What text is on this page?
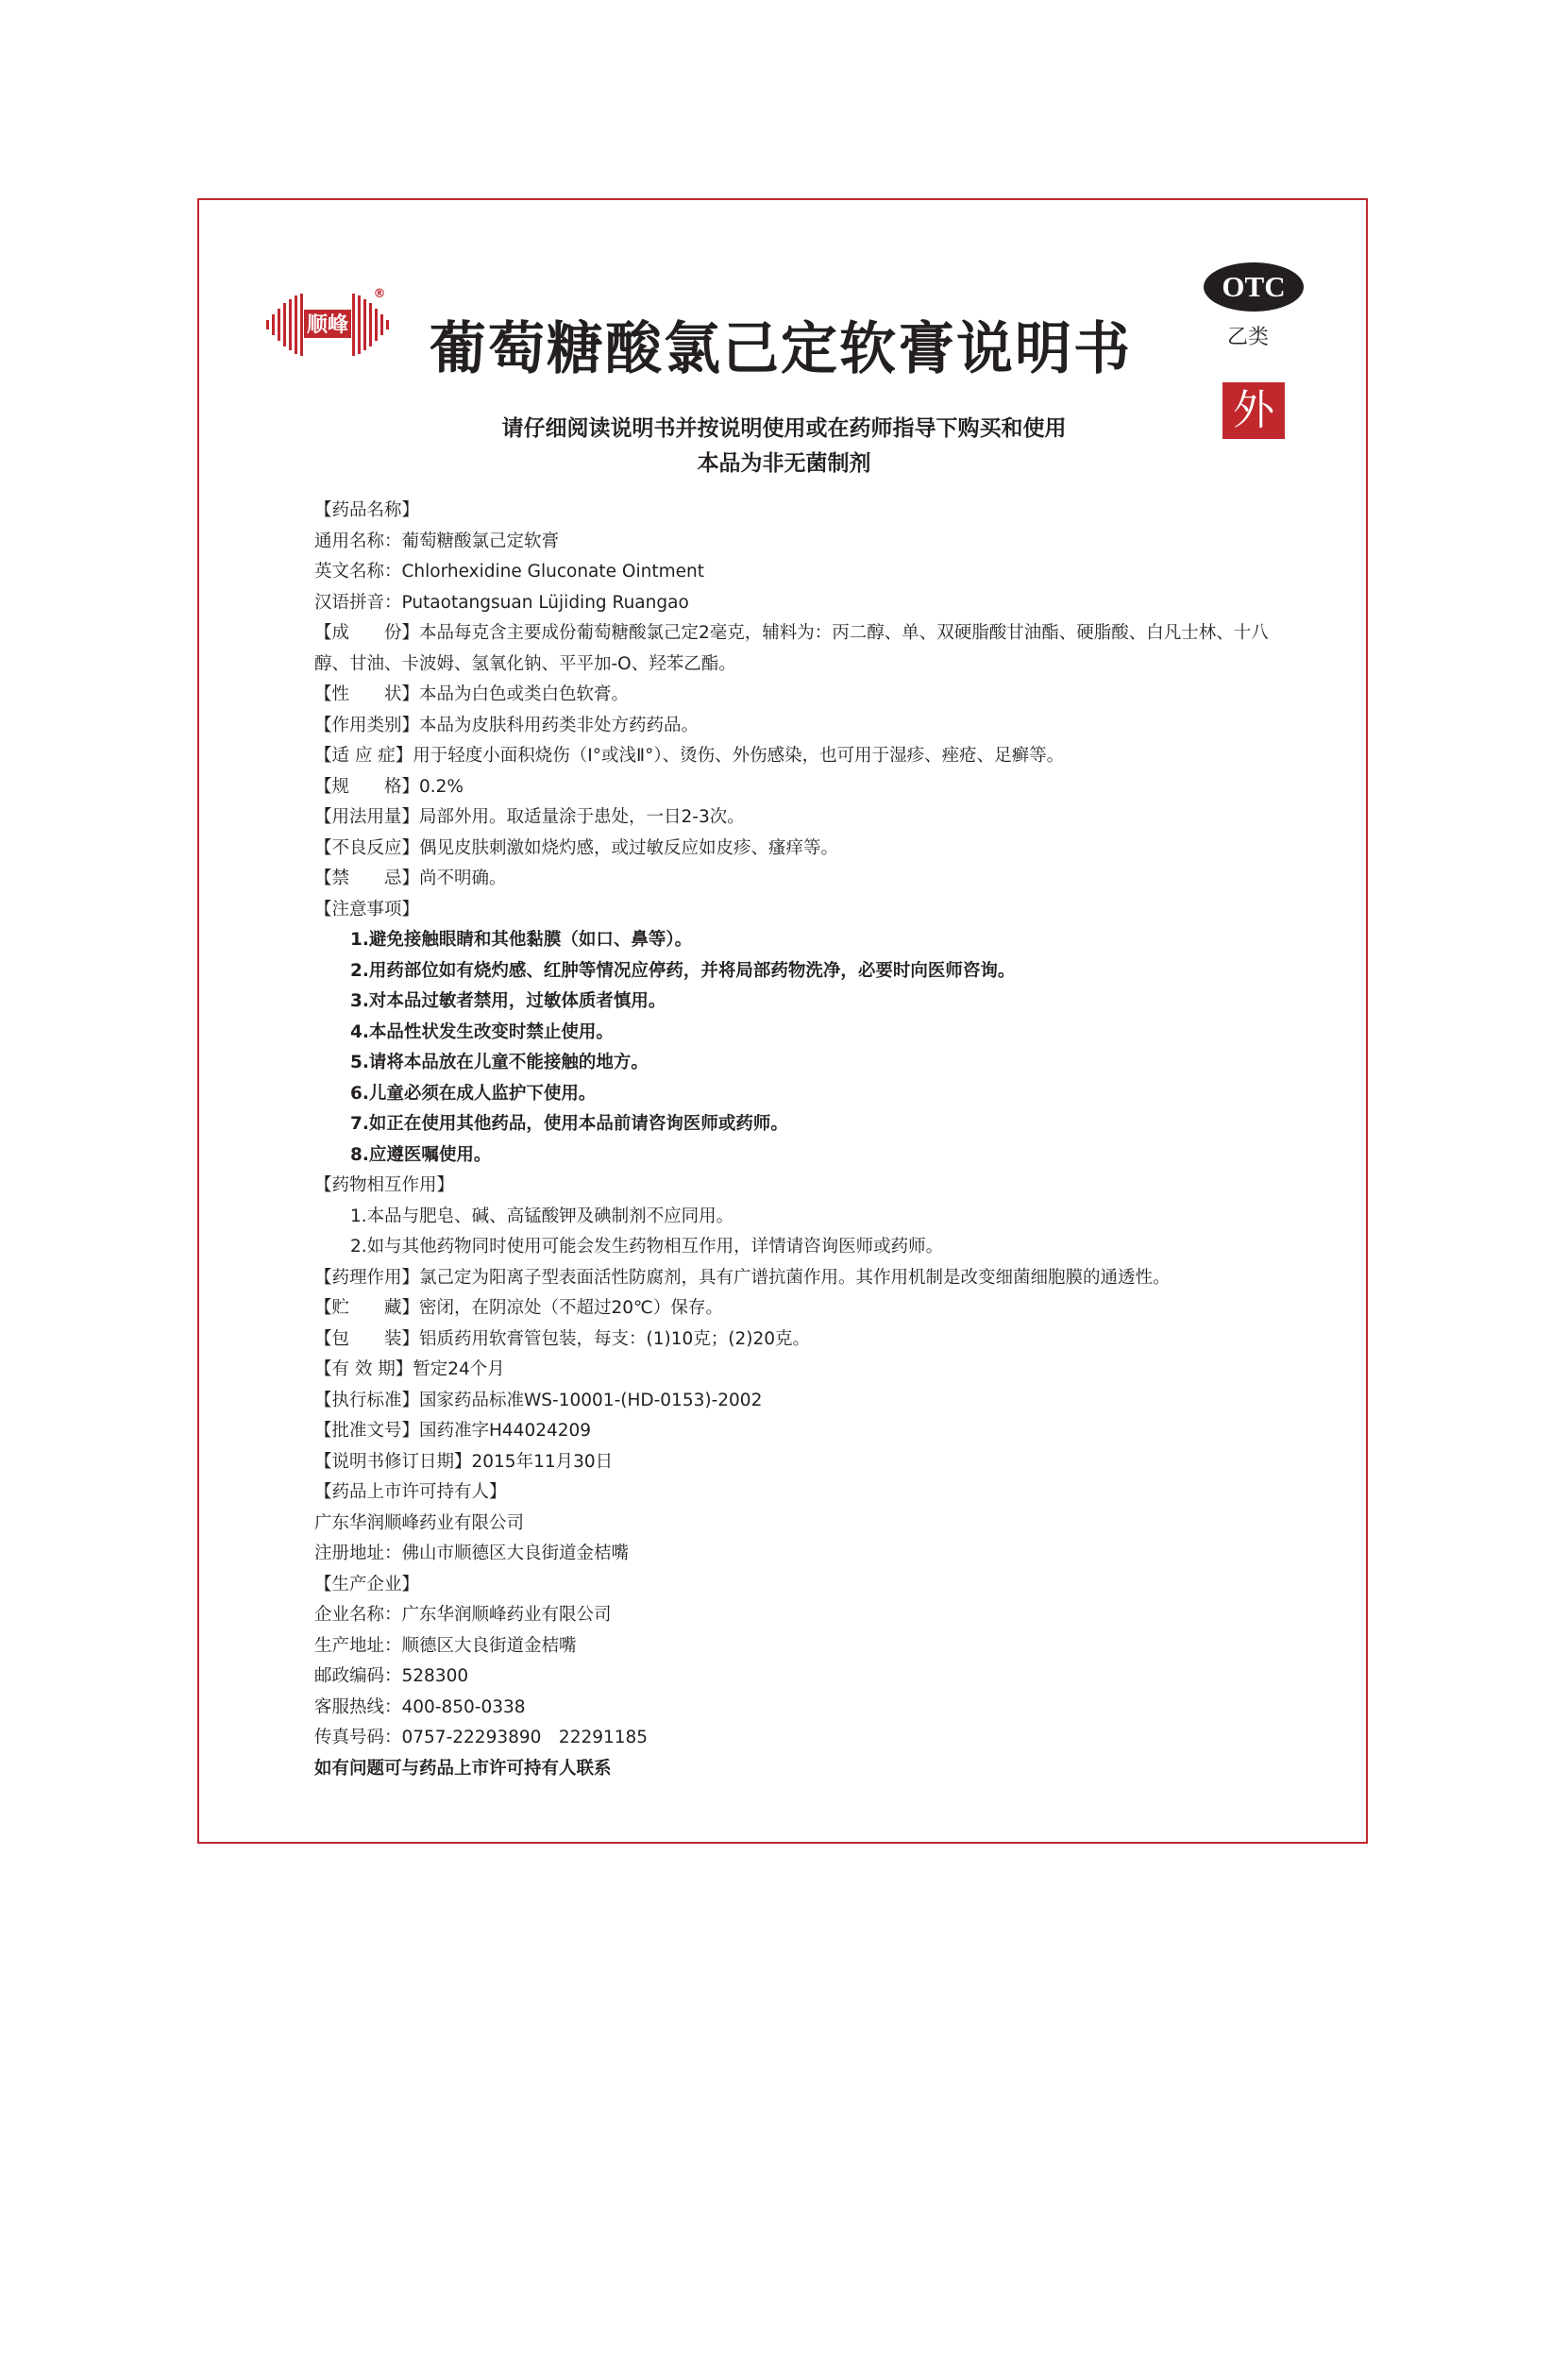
顺峰
®
葡萄糖酸氯己定软膏说明书
OTC
乙类
外
请仔细阅读说明书并按说明使用或在药师指导下购买和使用
本品为非无菌制剂
【药品名称】
通用名称：葡萄糖酸氯己定软膏
英文名称：Chlorhexidine Gluconate Ointment
汉语拼音：Putaotangsuan Lüjiding Ruangao
【成　　份】本品每克含主要成份葡萄糖酸氯己定2毫克，辅料为：丙二醇、单、双硬脂酸甘油酯、硬脂酸、白凡士林、十八
醇、甘油、卡波姆、氢氧化钠、平平加-O、羟苯乙酯。
【性　　状】本品为白色或类白色软膏。
【作用类别】本品为皮肤科用药类非处方药药品。
【适 应 症】用于轻度小面积烧伤（Ⅰ°或浅Ⅱ°）、烫伤、外伤感染，也可用于湿疹、痤疮、足癣等。
【规　　格】0.2%
【用法用量】局部外用。取适量涂于患处，一日2-3次。
【不良反应】偶见皮肤刺激如烧灼感，或过敏反应如皮疹、瘙痒等。
【禁　　忌】尚不明确。
【注意事项】
1.避免接触眼睛和其他黏膜（如口、鼻等）。
2.用药部位如有烧灼感、红肿等情况应停药，并将局部药物洗净，必要时向医师咨询。
3.对本品过敏者禁用，过敏体质者慎用。
4.本品性状发生改变时禁止使用。
5.请将本品放在儿童不能接触的地方。
6.儿童必须在成人监护下使用。
7.如正在使用其他药品，使用本品前请咨询医师或药师。
8.应遵医嘱使用。
【药物相互作用】
1.本品与肥皂、碱、高锰酸钾及碘制剂不应同用。
2.如与其他药物同时使用可能会发生药物相互作用，详情请咨询医师或药师。
【药理作用】氯己定为阳离子型表面活性防腐剂，具有广谱抗菌作用。其作用机制是改变细菌细胞膜的通透性。
【贮　　藏】密闭，在阴凉处（不超过20℃）保存。
【包　　装】铝质药用软膏管包装，每支：(1)10克；(2)20克。
【有 效 期】暂定24个月
【执行标准】国家药品标准WS-10001-(HD-0153)-2002
【批准文号】国药准字H44024209
【说明书修订日期】2015年11月30日
【药品上市许可持有人】
广东华润顺峰药业有限公司
注册地址：佛山市顺德区大良街道金桔嘴
【生产企业】
企业名称：广东华润顺峰药业有限公司
生产地址：顺德区大良街道金桔嘴
邮政编码：528300
客服热线：400-850-0338
传真号码：0757-22293890　22291185
如有问题可与药品上市许可持有人联系
